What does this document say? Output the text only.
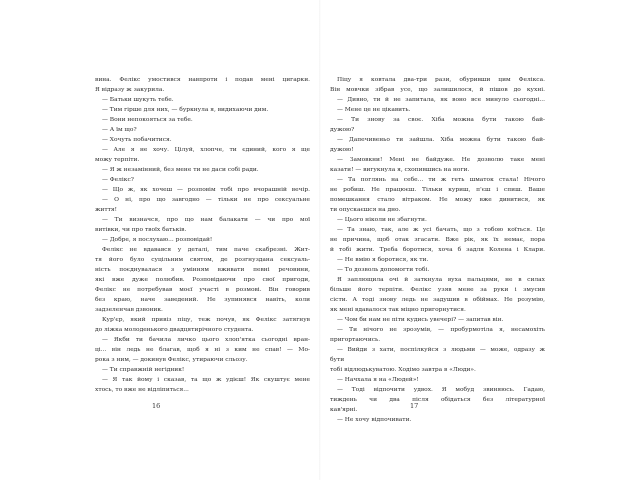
вина. Фелікс умостився навпроти і подав мені цигарки.
Я відразу ж закурила.
— Батьки шукуть тебе.
— Тим гірше для них, — буркнула я, видихаючи дим.
— Вони непокояться за тебе.
— А їм що?
— Хочуть побачитися.
— Але я не хочу. Цілуй, хлопче, ти єдиний, кого я ще
можу терпіти.
— Я ж незамінний, без мене ти не даси собі ради.
— Фелікс?
— Що ж, як хочеш — розповім тобі про вчорашній вечір.
— О ні, про що завгодно — тільки не про сексуальне
життя!
— Ти визначся, про що нам балакати — чи про мої
витівки, чи про твоїх батьків.
— Добре, я послухаю... розповідай!
Фелікс не вдавався у деталі, тим паче скабрезні. Жит-
тя його було суцільним святом, де розгнуздана сексуаль-
ність поєднувалася з умінням вживати певні речовини,
які вже дуже полюбив. Розповідаючи про свої пригоди,
Фелікс не потребував моєї участі в розмові. Він говорив
без краю, наче заведений. Не зупинявся навіть, коли
задзеленчав дзвоник.
Кур'єр, який привіз піцу, теж почув, як Фелікс затягнув
до ліжка молоденького двадцятирічного студента.
— Якби ти бачила личко цього хлоп'ятка сьогодні вран-
ці... він ледь не благав, щоб я ні з ким не спав! — Мо-
рока з ним, — докинув Фелікс, утираючи сльозу.
— Ти справжній негідник!
— Я так йому і сказав, та що ж удієш! Як скуштує мене
хтось, то вже не відліпиться...
Піцу я ковтала два-три рази, обуривши цим Фелікса.
Він мовчки зібрав усе, що залишилося, й пішов до кухні.
— Дивно, ти й не запитала, як воно все минуло сьогодні...
— Мене це не цікавить.
— Ти знову за своє. Хіба можна бути такою бай-
дужою?
— Дапечивеньо ти зайшла. Хіба можна бути такою бай-
дужою!
— Замовкни! Мені не байдуже. Не дозволю таке мені
казати! — вигукнула я, схопившись на ноги.
— Та поглянь на себе... ти ж геть шматок стала! Нічого
не робиш. Не працюєш. Тільки куриш, п'єш і спиш. Ваше
помешкання стало вітраком. Не можу вже дивитися, як
ти опускаєшся на дно.
— Цього ніколи не збагнути.
— Та знаю, так, але ж усі бачать, що з тобою коїться. Це
не причина, щоб отак згасати. Вже рік, як їх немає, пора
й тобі жити. Треба боротися, хоча б задля Колена і Клари.
— Не вмію я боротися, як ти.
— То дозволь допомогти тобі.
Я заплющила очі й заткнула вуха пальцями, не в силах
більше його терпіти. Фелікс узяв мене за руки і змусив
сісти. А тоді знову ледь не задушив в обіймах. Не розумію,
як мені вдавалося так міцно пригорнутися.
— Чом би нам не піти кудись увечері? — запитав він.
— Ти нічого не зрозумів, — пробурмотіла я, несамохіть
пригортаючись.
— Вийди з хати, поспілкуйся з людьми — може, одразу ж
бути
тобі відлюдькуватою. Ходімо завтра в «Люди».
— Начхала я на «Людей»!
— Тоді відпочити удвох. Я мобуд звиняюсь. Гадаю,
тиждень чи два після обідаться без літературної
кав'ярні.
— Не хочу відпочивати.
16	17
